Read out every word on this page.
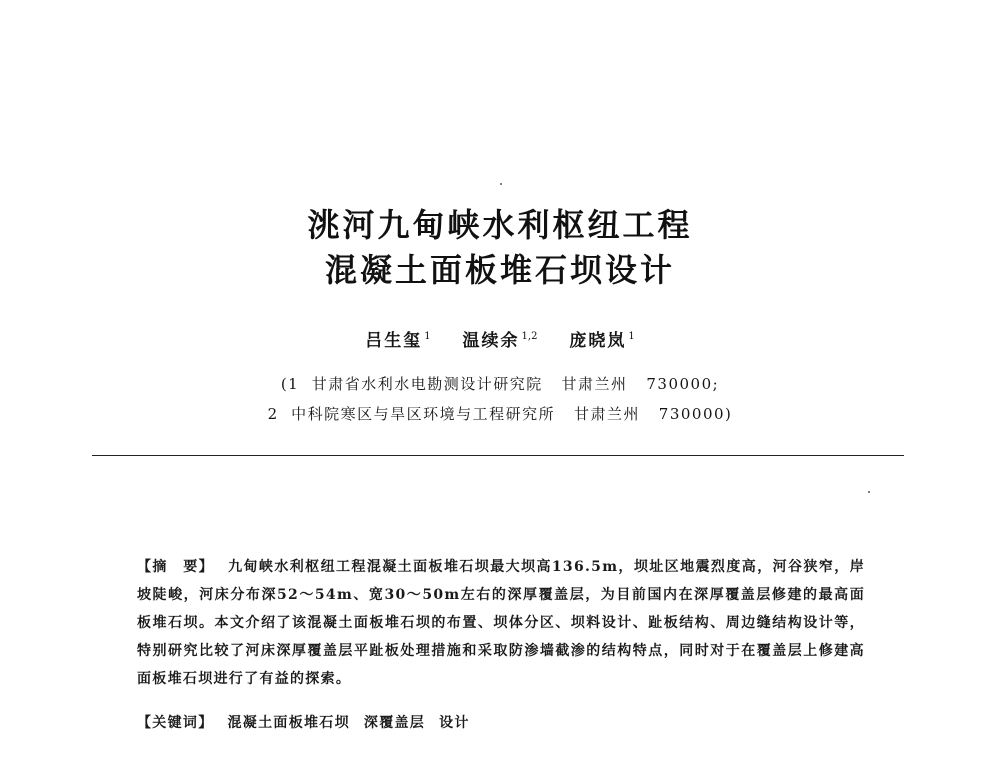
洮河九甸峡水利枢纽工程
混凝土面板堆石坝设计
吕生玺 $^1$ 温续余 $^{1,2}$ 庞晓岚 $^1$
(1  甘肃省水利水电勘测设计研究院   甘肃兰州   730000;
2  中科院寒区与旱区环境与工程研究所   甘肃兰州   730000)
【摘　要】 九甸峡水利枢纽工程混凝土面板堆石坝最大坝高136.5m，坝址区地震烈度高，河谷狭窄，岸坡陡峻，河床分布深52～54m、宽30～50m左右的深厚覆盖层，为目前国内在深厚覆盖层修建的最高面板堆石坝。本文介绍了该混凝土面板堆石坝的布置、坝体分区、坝料设计、趾板结构、周边缝结构设计等，特别研究比较了河床深厚覆盖层平趾板处理措施和采取防渗墙截渗的结构特点，同时对于在覆盖层上修建高面板堆石坝进行了有益的探索。
【关键词】 混凝土面板堆石坝 深覆盖层 设计
